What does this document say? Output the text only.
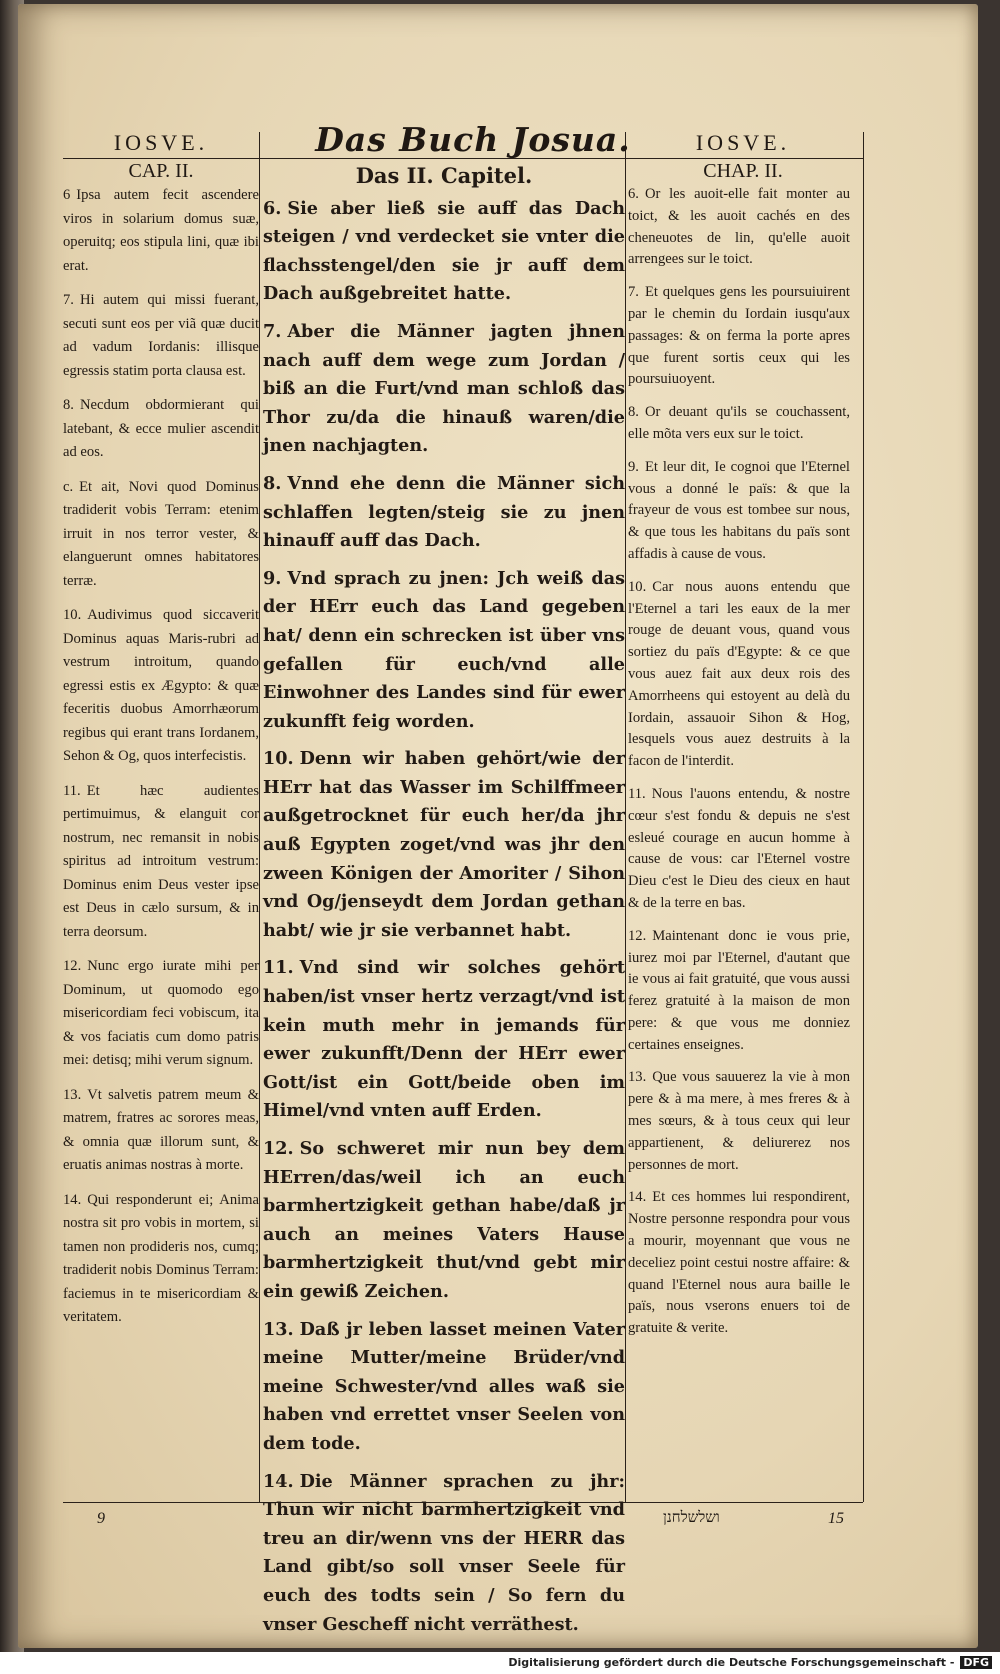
IOSVE.	Das Buch Josua.	IOSVE.
CAP. II.	CHAP. II.
6 Ipsa autem fecit ascendere viros in solarium domus suæ, operuitq; eos stipula lini, quæ ibi erat.
7. Hi autem qui missi fuerant, secuti sunt eos per viã quæ ducit ad vadum Iordanis: illisque egressis statim porta clausa est.
8. Necdum obdormierant qui latebant, & ecce mulier ascendit ad eos.
c. Et ait, Novi quod Dominus tradiderit vobis Terram: etenim irruit in nos terror vester, & elanguerunt omnes habitatores terræ.
10. Audivimus quod siccaverit Dominus aquas Maris-rubri ad vestrum introitum, quando egressi estis ex Ægypto: & quæ feceritis duobus Amorrhæorum regibus qui erant trans Iordanem, Sehon & Og, quos interfecistis.
11. Et hæc audientes pertimuimus, & elanguit cor nostrum, nec remansit in nobis spiritus ad introitum vestrum: Dominus enim Deus vester ipse est Deus in cælo sursum, & in terra deorsum.
12. Nunc ergo iurate mihi per Dominum, ut quomodo ego misericordiam feci vobiscum, ita & vos faciatis cum domo patris mei: detisq; mihi verum signum.
13. Vt salvetis patrem meum & matrem, fratres ac sorores meas, & omnia quæ illorum sunt, & eruatis animas nostras à morte.
14. Qui responderunt ei; Anima nostra sit pro vobis in mortem, si tamen non prodideris nos, cumq; tradiderit nobis Dominus Terram: faciemus in te misericordiam & veritatem.
Das II. Capitel.
6. Sie aber ließ sie auff das Dach steigen / vnd verdecket sie vnter die flachsstengel/den sie jr auff dem Dach außgebreitet hatte.
7. Aber die Männer jagten jhnen nach auff dem wege zum Jordan / biß an die Furt/vnd man schloß das Thor zu/da die hinauß waren/die jnen nachjagten.
8. Vnnd ehe denn die Männer sich schlaffen legten/steig sie zu jnen hinauff auff das Dach.
9. Vnd sprach zu jnen: Jch weiß das der HErr euch das Land gegeben hat/ denn ein schrecken ist über vns gefallen für euch/vnd alle Einwohner des Landes sind für ewer zukunfft feig worden.
10. Denn wir haben gehört/wie der HErr hat das Wasser im Schilffmeer außgetrocknet für euch her/da jhr auß Egypten zoget/vnd was jhr den zween Königen der Amoriter / Sihon vnd Og/jenseydt dem Jordan gethan habt/ wie jr sie verbannet habt.
11. Vnd sind wir solches gehört haben/ist vnser hertz verzagt/vnd ist kein muth mehr in jemands für ewer zukunfft/Denn der HErr ewer Gott/ist ein Gott/beide oben im Himel/vnd vnten auff Erden.
12. So schweret mir nun bey dem HErren/das/weil ich an euch barmhertzigkeit gethan habe/daß jr auch an meines Vaters Hause barmhertzigkeit thut/vnd gebt mir ein gewiß Zeichen.
13. Daß jr leben lasset meinen Vater meine Mutter/meine Brüder/vnd meine Schwester/vnd alles waß sie haben vnd errettet vnser Seelen von dem tode.
14. Die Männer sprachen zu jhr: Thun wir nicht barmhertzigkeit vnd treu an dir/wenn vns der HERR das Land gibt/so soll vnser Seele für euch des todts sein / So fern du vnser Gescheff nicht verräthest.
6. Or les auoit-elle fait monter au toict, & les auoit cachés en des cheneuotes de lin, qu'elle auoit arrengees sur le toict.
7. Et quelques gens les poursuiuirent par le chemin du Iordain iusqu'aux passages: & on ferma la porte apres que furent sortis ceux qui les poursuiuoyent.
8. Or deuant qu'ils se couchassent, elle mõta vers eux sur le toict.
9. Et leur dit, Ie cognoi que l'Eternel vous a donné le païs: & que la frayeur de vous est tombee sur nous, & que tous les habitans du païs sont affadis à cause de vous.
10. Car nous auons entendu que l'Eternel a tari les eaux de la mer rouge de deuant vous, quand vous sortiez du païs d'Egypte: & ce que vous auez fait aux deux rois des Amorrheens qui estoyent au delà du Iordain, assauoir Sihon & Hog, lesquels vous auez destruits à la facon de l'interdit.
11. Nous l'auons entendu, & nostre cœur s'est fondu & depuis ne s'est esleué courage en aucun homme à cause de vous: car l'Eternel vostre Dieu c'est le Dieu des cieux en haut & de la terre en bas.
12. Maintenant donc ie vous prie, iurez moi par l'Eternel, d'autant que ie vous ai fait gratuité, que vous aussi ferez gratuité à la maison de mon pere: & que vous me donniez certaines enseignes.
13. Que vous sauuerez la vie à mon pere & à ma mere, à mes freres & à mes sœurs, & à tous ceux qui leur appartienent, & deliurerez nos personnes de mort.
14. Et ces hommes lui respondirent, Nostre personne respondra pour vous a mourir, moyennant que vous ne deceliez point cestui nostre affaire: & quand l'Eternel nous aura baille le païs, nous vserons enuers toi de gratuite & verite.
9	ושלשלחנן	15
Digitalisierung gefördert durch die Deutsche Forschungsgemeinschaft - DFG
